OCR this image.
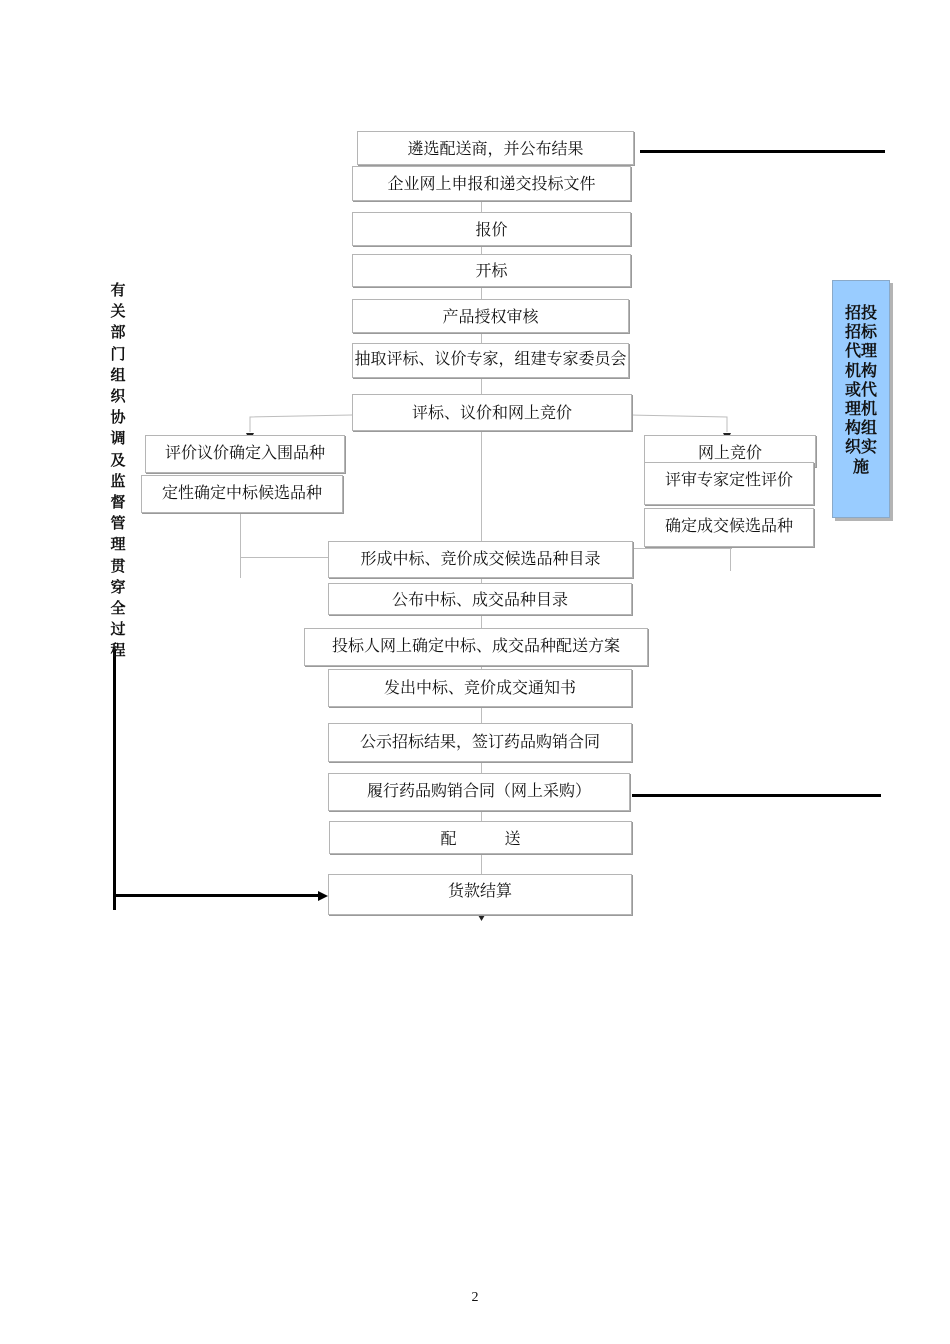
遴选配送商，并公布结果
企业网上申报和递交投标文件
报价
开标
产品授权审核
抽取评标、议价专家，组建专家委员会
评标、议价和网上竞价
评价议价确定入围品种
定性确定中标候选品种
网上竞价
评审专家定性评价
确定成交候选品种
形成中标、竞价成交候选品种目录
公布中标、成交品种目录
投标人网上确定中标、成交品种配送方案
发出中标、竞价成交通知书
公示招标结果，签订药品购销合同
履行药品购销合同（网上采购）
配　　　送
货款结算
有关部门组织协调及监督管理贯穿全过程
招投招标代理机构或代理机构组织实施
2
